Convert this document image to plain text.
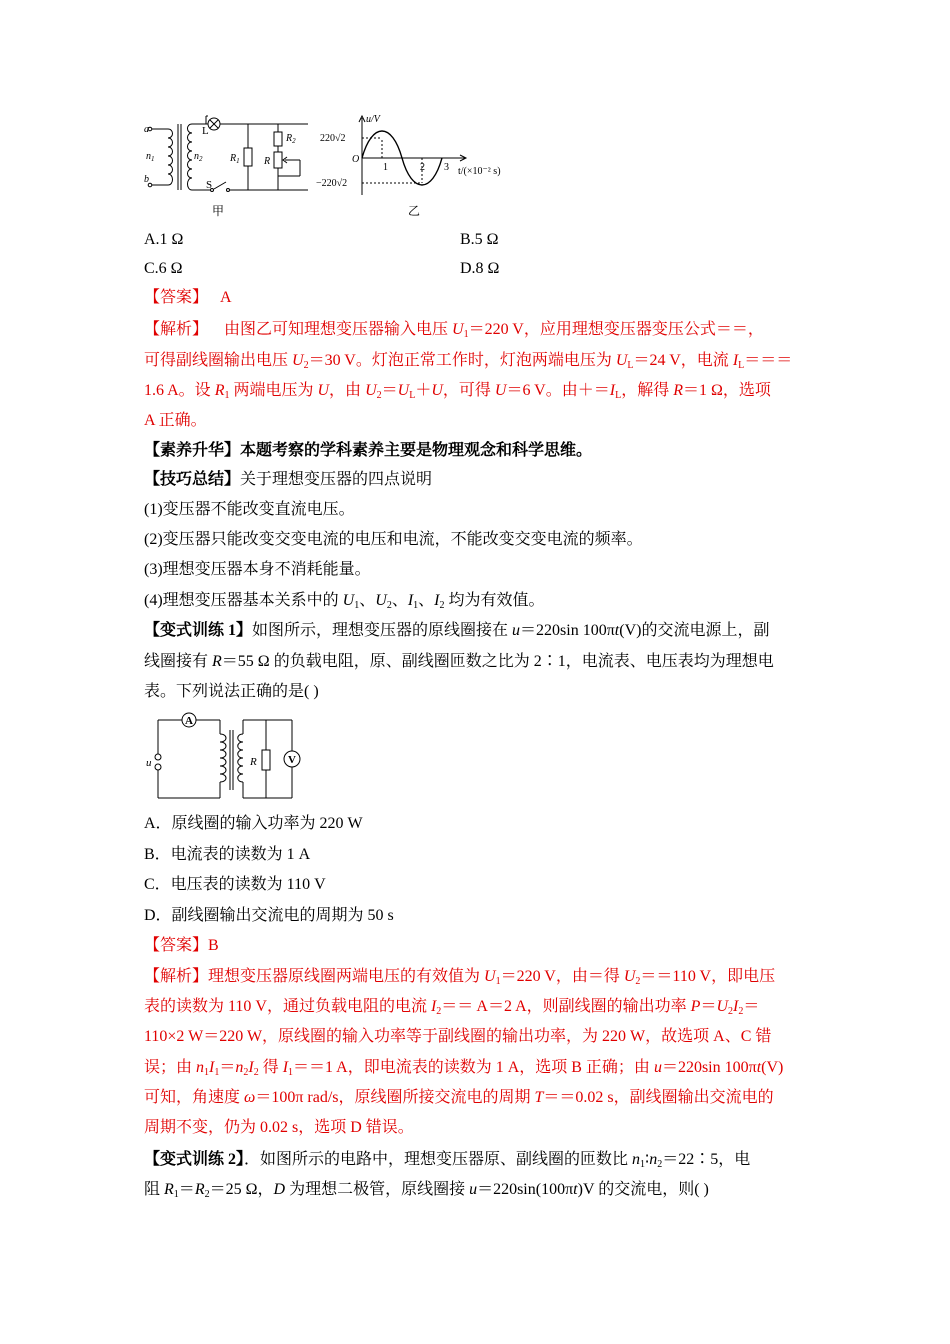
a
b
$n_1$	$n_2$
L
S
$R_1$
$R_2$
R
甲
u/V
220√2
−220√2
O
1	2 3 t/(×10⁻² s)
乙
A.1 Ω	B.5 Ω
C.6 Ω	D.8 Ω
【答案】 A
【解析】 由图乙可知理想变压器输入电压 $U_1=220$ V，应用理想变压器变压公式＝＝，
可得副线圈输出电压 $U_2=30$ V。灯泡正常工作时，灯泡两端电压为 $U_L=24$ V，电流 $I_L===$
1.6 A。设 $R_1$ 两端电压为 U，由 $U_2=U_L+U$，可得 U＝6 V。由$+=I_L$，解得 R＝1 Ω，选项
A 正确。
【素养升华】本题考察的学科素养主要是物理观念和科学思维。
【技巧总结】关于理想变压器的四点说明
(1)变压器不能改变直流电压。
(2)变压器只能改变交变电流的电压和电流，不能改变交变电流的频率。
(3)理想变压器本身不消耗能量。
(4)理想变压器基本关系中的 $U_1$、$U_2$、$I_1$、$I_2$ 均为有效值。
【变式训练 1】如图所示，理想变压器的原线圈接在 u＝220sin 100πt(V)的交流电源上，副
线圈接有 R＝55 Ω 的负载电阻，原、副线圈匝数之比为 2∶1，电流表、电压表均为理想电
表。下列说法正确的是( )
A
V
R
u
A．原线圈的输入功率为 220 W
B．电流表的读数为 1 A
C．电压表的读数为 110 V
D．副线圈输出交流电的周期为 50 s
【答案】B
【解析】理想变压器原线圈两端电压的有效值为 $U_1=220$ V，由＝得 $U_2==110$ V，即电压
表的读数为 110 V，通过负载电阻的电流 $I_2== A=2$ A，则副线圈的输出功率 $P=U_2I_2=$
110×2 W＝220 W，原线圈的输入功率等于副线圈的输出功率，为 220 W，故选项 A、C 错
误；由 $n_1I_1=n_2I_2$ 得 $I_1==1$ A，即电流表的读数为 1 A，选项 B 正确；由 u＝220sin 100πt(V)
可知，角速度 ω＝100π rad/s，原线圈所接交流电的周期 T＝＝0.02 s，副线圈输出交流电的
周期不变，仍为 0.02 s，选项 D 错误。
【变式训练 2】．如图所示的电路中，理想变压器原、副线圈的匝数比 $n_1∶n_2=22∶5$，电
阻 $R_1=R_2=25$ Ω，D 为理想二极管，原线圈接 u＝220sin(100πt)V 的交流电，则( )
